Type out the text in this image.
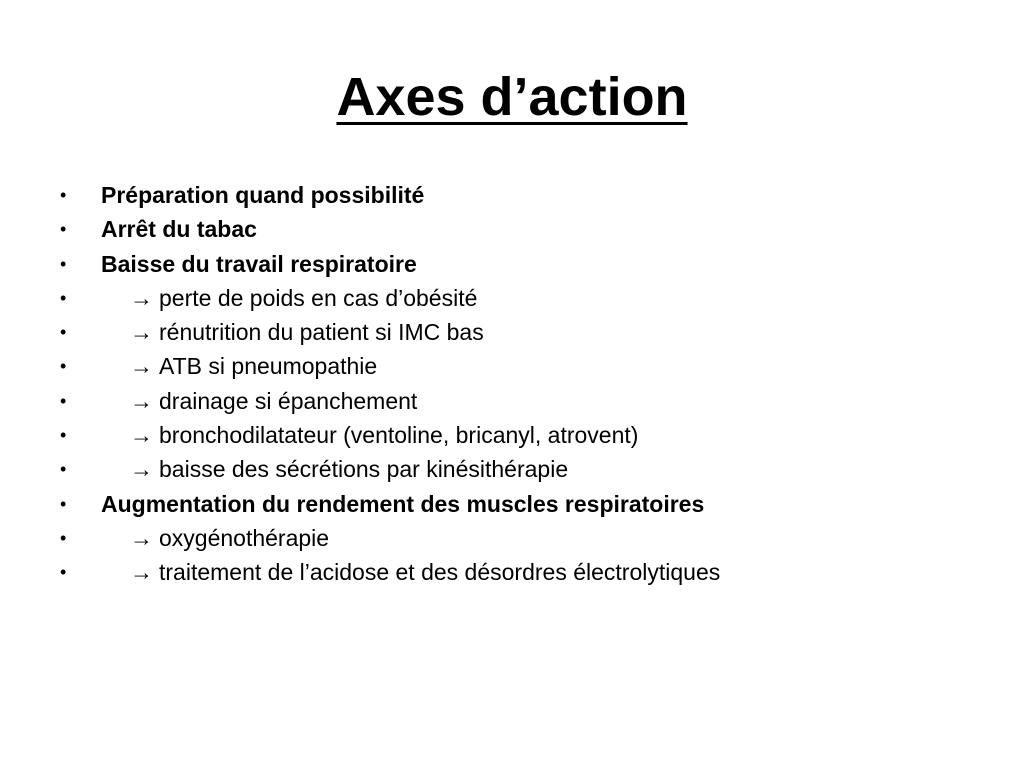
Axes d’action
• Préparation quand possibilité
• Arrêt du tabac
• Baisse du travail respiratoire
•	→ perte de poids en cas d’obésité
•	→ rénutrition du patient si IMC bas
•	→ ATB si pneumopathie
•	→ drainage si épanchement
•	→ bronchodilatateur (ventoline, bricanyl, atrovent)
•	→ baisse des sécrétions par kinésithérapie
• Augmentation du rendement des muscles respiratoires
•	→ oxygénothérapie
•	→ traitement de l’acidose et des désordres électrolytiques
